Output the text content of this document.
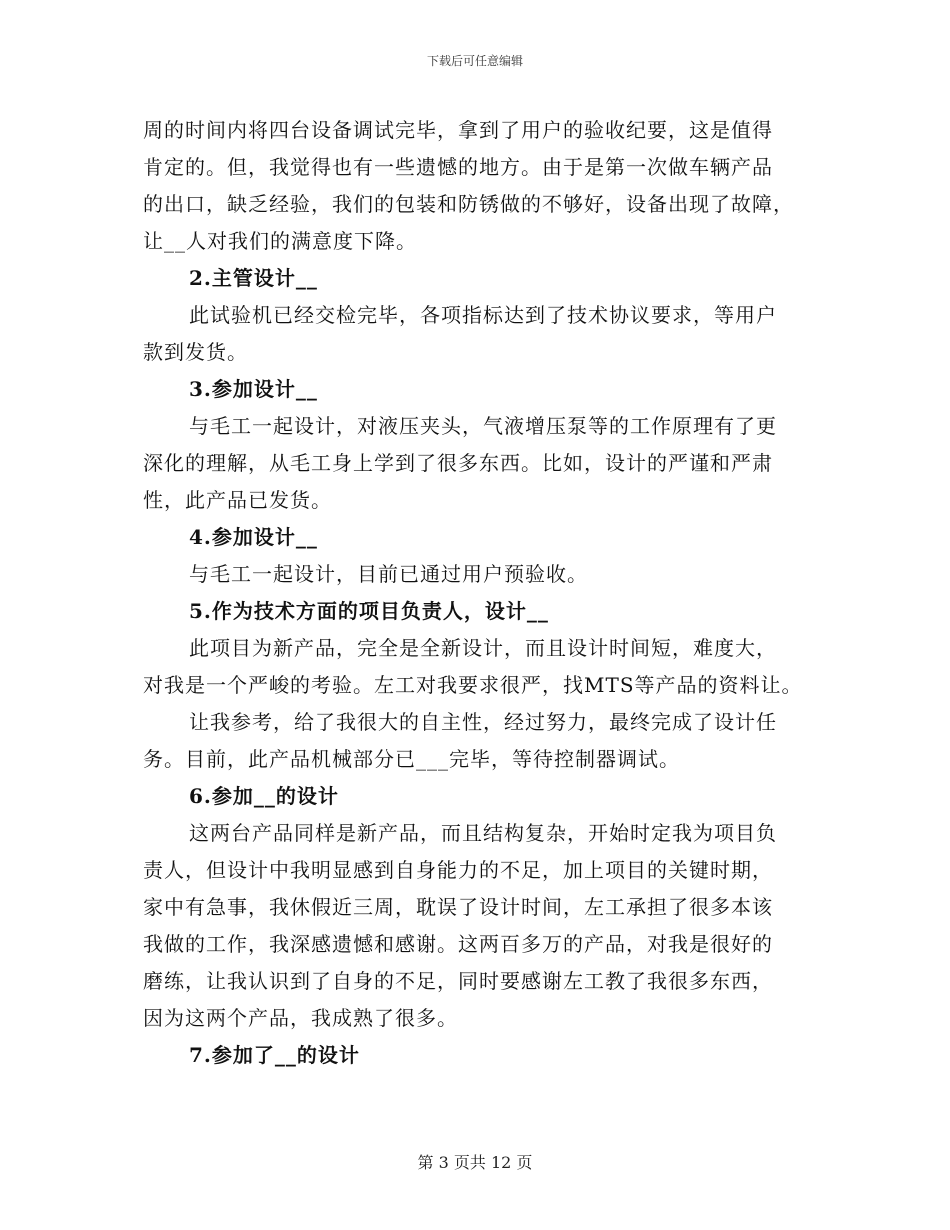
下载后可任意编辑

周的时间内将四台设备调试完毕，拿到了用户的验收纪要，这是值得

肯定的。但，我觉得也有一些遗憾的地方。由于是第一次做车辆产品

的出口，缺乏经验，我们的包装和防锈做的不够好，设备出现了故障，

让__人对我们的满意度下降。

2.主管设计__

此试验机已经交检完毕，各项指标达到了技术协议要求，等用户

款到发货。

3.参加设计__

与毛工一起设计，对液压夹头，气液增压泵等的工作原理有了更

深化的理解，从毛工身上学到了很多东西。比如，设计的严谨和严肃

性，此产品已发货。

4.参加设计__

与毛工一起设计，目前已通过用户预验收。

5.作为技术方面的项目负责人，设计__

此项目为新产品，完全是全新设计，而且设计时间短，难度大，

对我是一个严峻的考验。左工对我要求很严，找MTS等产品的资料让。

让我参考，给了我很大的自主性，经过努力，最终完成了设计任

务。目前，此产品机械部分已___完毕，等待控制器调试。

6.参加__的设计

这两台产品同样是新产品，而且结构复杂，开始时定我为项目负

责人，但设计中我明显感到自身能力的不足，加上项目的关键时期，

家中有急事，我休假近三周，耽误了设计时间，左工承担了很多本该

我做的工作，我深感遗憾和感谢。这两百多万的产品，对我是很好的

磨练，让我认识到了自身的不足，同时要感谢左工教了我很多东西，

因为这两个产品，我成熟了很多。

7.参加了__的设计

第 3 页共 12 页
